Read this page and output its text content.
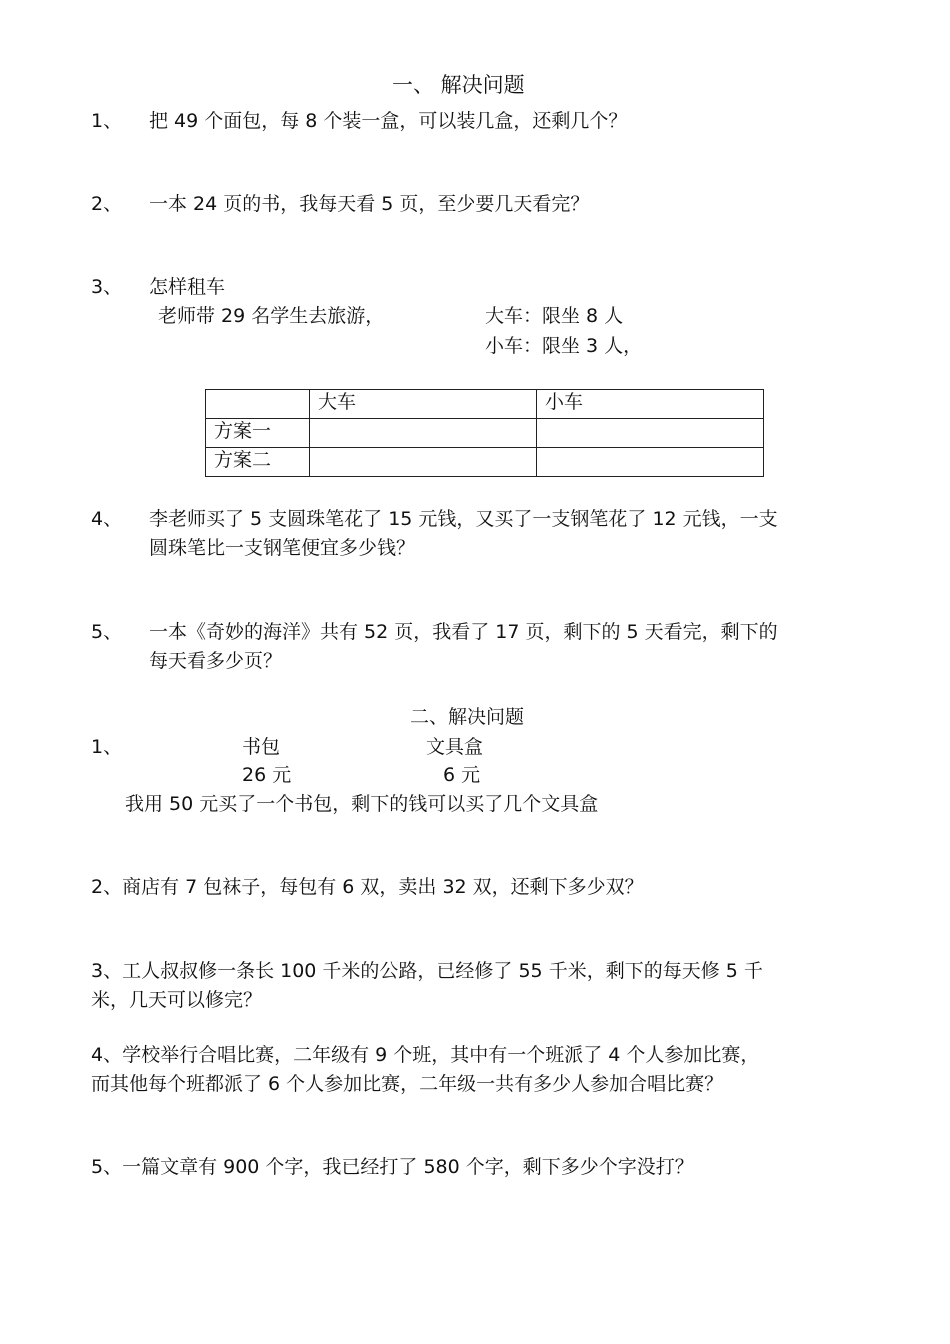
一、 解决问题
1、 把 49 个面包，每 8 个装一盒，可以装几盒，还剩几个？
2、 一本 24 页的书，我每天看 5 页，至少要几天看完？
3、 怎样租车
老师带 29 名学生去旅游，	大车：限坐 8 人
小车：限坐 3 人，
	大车	小车
方案一		
方案二		
4、 李老师买了 5 支圆珠笔花了 15 元钱，又买了一支钢笔花了 12 元钱，一支
圆珠笔比一支钢笔便宜多少钱？
5、 一本《奇妙的海洋》共有 52 页，我看了 17 页，剩下的 5 天看完，剩下的
每天看多少页？
二、解决问题
1、	书包	文具盒
26 元	6 元
我用 50 元买了一个书包，剩下的钱可以买了几个文具盒
2、商店有 7 包袜子，每包有 6 双，卖出 32 双，还剩下多少双？
3、工人叔叔修一条长 100 千米的公路，已经修了 55 千米，剩下的每天修 5 千
米，几天可以修完？
4、学校举行合唱比赛，二年级有 9 个班，其中有一个班派了 4 个人参加比赛，
而其他每个班都派了 6 个人参加比赛，二年级一共有多少人参加合唱比赛？
5、一篇文章有 900 个字，我已经打了 580 个字，剩下多少个字没打？
